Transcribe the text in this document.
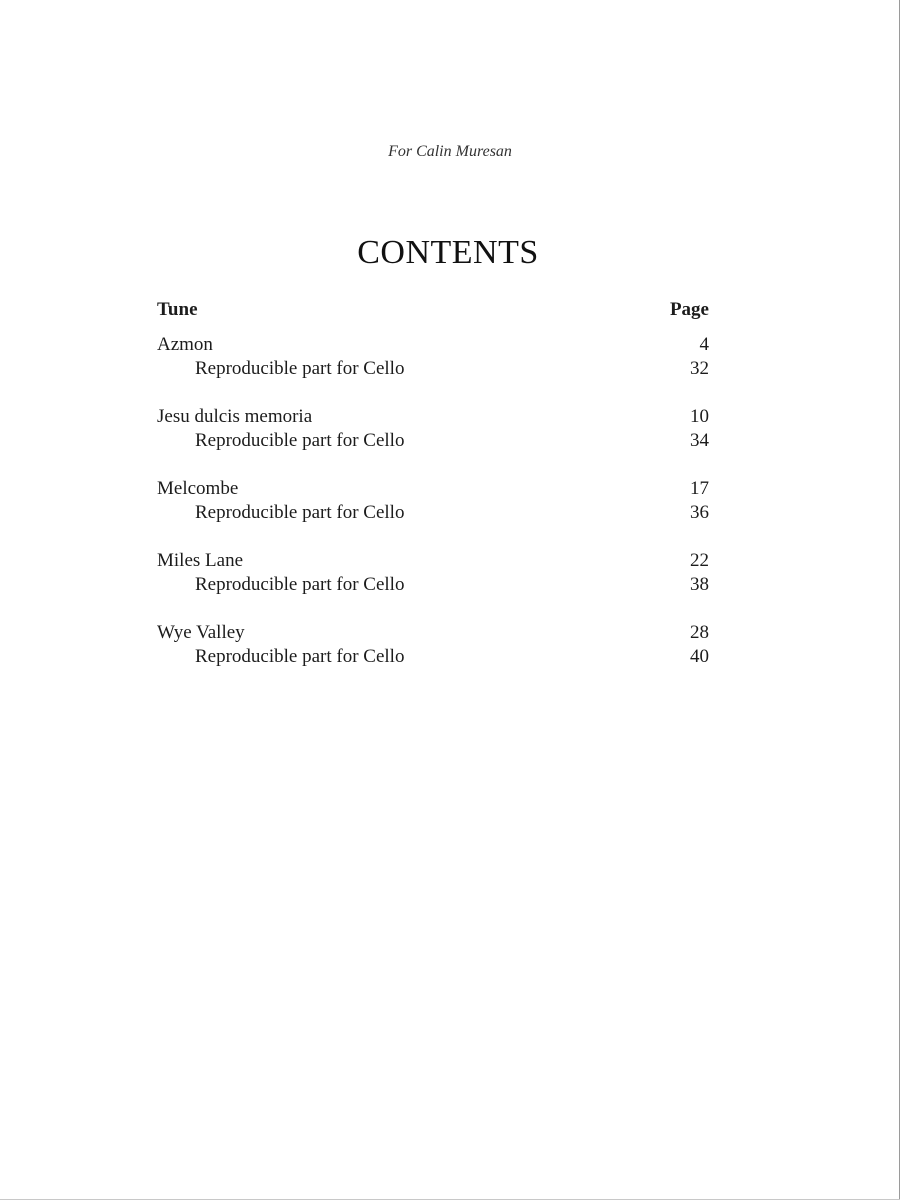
For Calin Muresan
CONTENTS
Tune	Page
Azmon	4
Reproducible part for Cello	32
Jesu dulcis memoria	10
Reproducible part for Cello	34
Melcombe	17
Reproducible part for Cello	36
Miles Lane	22
Reproducible part for Cello	38
Wye Valley	28
Reproducible part for Cello	40
